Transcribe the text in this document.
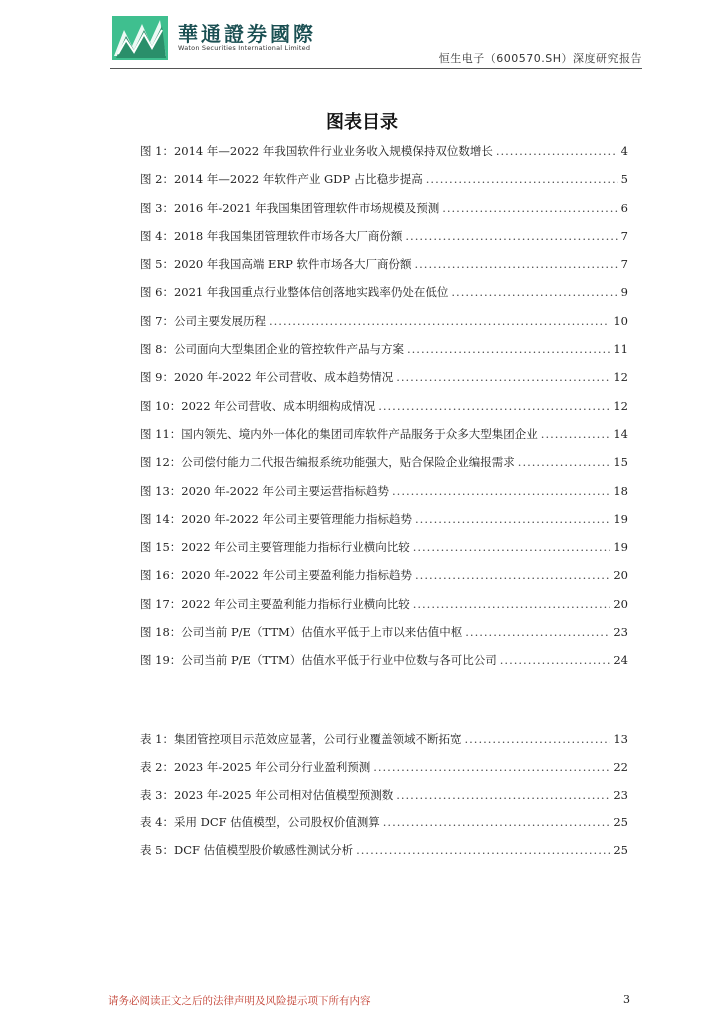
華通證券國際
Waton Securities International Limited
恒生电子（600570.SH）深度研究报告
图表目录
图 1：2014 年—2022 年我国软件行业业务收入规模保持双位数增长 .....	4
图 2：2014 年—2022 年软件产业 GDP 占比稳步提高 .....	5
图 3：2016 年-2021 年我国集团管理软件市场规模及预测 .....	6
图 4：2018 年我国集团管理软件市场各大厂商份额 .....	7
图 5：2020 年我国高端 ERP 软件市场各大厂商份额 .....	7
图 6：2021 年我国重点行业整体信创落地实践率仍处在低位 .....	9
图 7：公司主要发展历程 .....	10
图 8：公司面向大型集团企业的管控软件产品与方案 .....	11
图 9：2020 年-2022 年公司营收、成本趋势情况 .....	12
图 10：2022 年公司营收、成本明细构成情况 .....	12
图 11：国内领先、境内外一体化的集团司库软件产品服务于众多大型集团企业 .....	14
图 12：公司偿付能力二代报告编报系统功能强大，贴合保险企业编报需求 .....	15
图 13：2020 年-2022 年公司主要运营指标趋势 .....	18
图 14：2020 年-2022 年公司主要管理能力指标趋势 .....	19
图 15：2022 年公司主要管理能力指标行业横向比较 .....	19
图 16：2020 年-2022 年公司主要盈利能力指标趋势 .....	20
图 17：2022 年公司主要盈利能力指标行业横向比较 .....	20
图 18：公司当前 P/E（TTM）估值水平低于上市以来估值中枢 .....	23
图 19：公司当前 P/E（TTM）估值水平低于行业中位数与各可比公司 .....	24
表 1：集团管控项目示范效应显著，公司行业覆盖领域不断拓宽 .....	13
表 2：2023 年-2025 年公司分行业盈利预测 .....	22
表 3：2023 年-2025 年公司相对估值模型预测数 .....	23
表 4：采用 DCF 估值模型，公司股权价值测算 .....	25
表 5：DCF 估值模型股价敏感性测试分析 .....	25
请务必阅读正文之后的法律声明及风险提示项下所有内容	3
